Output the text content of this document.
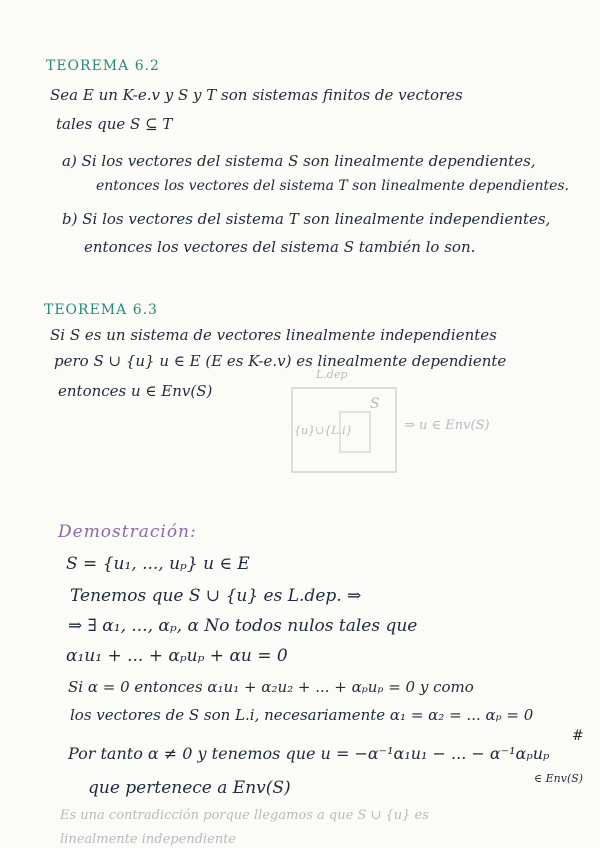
TEOREMA 6.2
Sea E un K-e.v y S y T son sistemas finitos de vectores
tales que S ⊆ T
a) Si los vectores del sistema S son linealmente dependientes,
entonces los vectores del sistema T son linealmente dependientes.
b) Si los vectores del sistema T son linealmente independientes,
entonces los vectores del sistema S también lo son.
TEOREMA 6.3
Si S es un sistema de vectores linealmente independientes
pero S ∪ {u} u ∈ E (E es K-e.v) es linealmente dependiente
entonces u ∈ Env(S)
L.dep
S
{u}∪{L.i}	⇒ u ∈ Env(S)
Demostración:
S = {u₁, ..., uₚ} u ∈ E
Tenemos que S ∪ {u} es L.dep. ⇒
⇒ ∃ α₁, ..., αₚ, α No todos nulos tales que
α₁u₁ + ... + αₚuₚ + αu = 0
Si α = 0 entonces α₁u₁ + α₂u₂ + ... + αₚuₚ = 0 y como
los vectores de S son L.i, necesariamente α₁ = α₂ = ... αₚ = 0
#
Por tanto α ≠ 0 y tenemos que u = −α⁻¹α₁u₁ − ... − α⁻¹αₚuₚ
∈ Env(S)
que pertenece a Env(S)
Es una contradicción porque llegamos a que S ∪ {u} es
linealmente independiente
